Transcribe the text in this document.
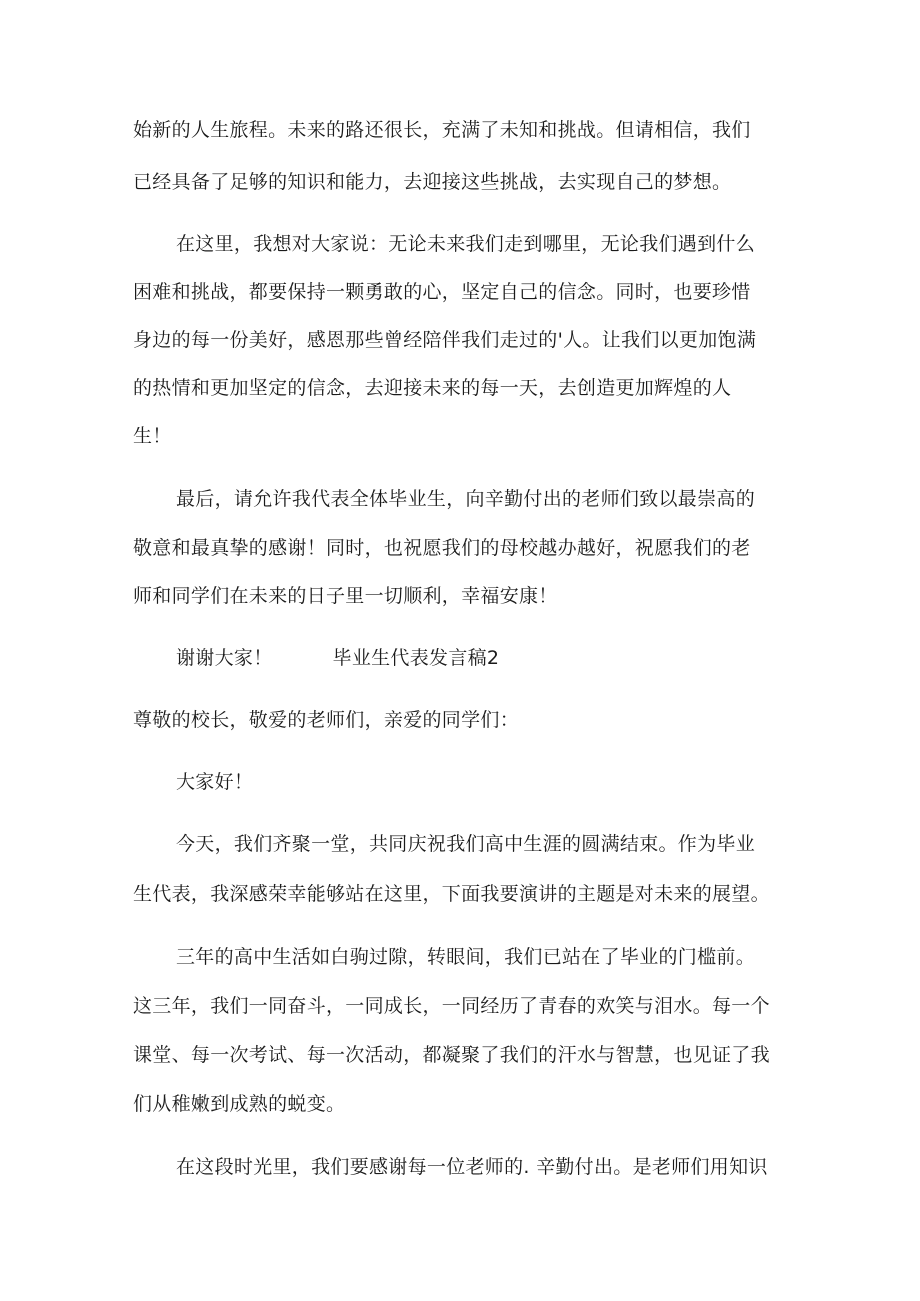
始新的人生旅程。未来的路还很长，充满了未知和挑战。但请相信，我们
已经具备了足够的知识和能力，去迎接这些挑战，去实现自己的梦想。
在这里，我想对大家说：无论未来我们走到哪里，无论我们遇到什么
困难和挑战，都要保持一颗勇敢的心，坚定自己的信念。同时，也要珍惜
身边的每一份美好，感恩那些曾经陪伴我们走过的'人。让我们以更加饱满
的热情和更加坚定的信念，去迎接未来的每一天，去创造更加辉煌的人
生！
最后，请允许我代表全体毕业生，向辛勤付出的老师们致以最崇高的
敬意和最真挚的感谢！同时，也祝愿我们的母校越办越好，祝愿我们的老
师和同学们在未来的日子里一切顺利，幸福安康！
谢谢大家！	毕业生代表发言稿2
尊敬的校长，敬爱的老师们，亲爱的同学们：
大家好！
今天，我们齐聚一堂，共同庆祝我们高中生涯的圆满结束。作为毕业
生代表，我深感荣幸能够站在这里，下面我要演讲的主题是对未来的展望。
三年的高中生活如白驹过隙，转眼间，我们已站在了毕业的门槛前。
这三年，我们一同奋斗，一同成长，一同经历了青春的欢笑与泪水。每一个
课堂、每一次考试、每一次活动，都凝聚了我们的汗水与智慧，也见证了我
们从稚嫩到成熟的蜕变。
在这段时光里，我们要感谢每一位老师的. 辛勤付出。是老师们用知识
